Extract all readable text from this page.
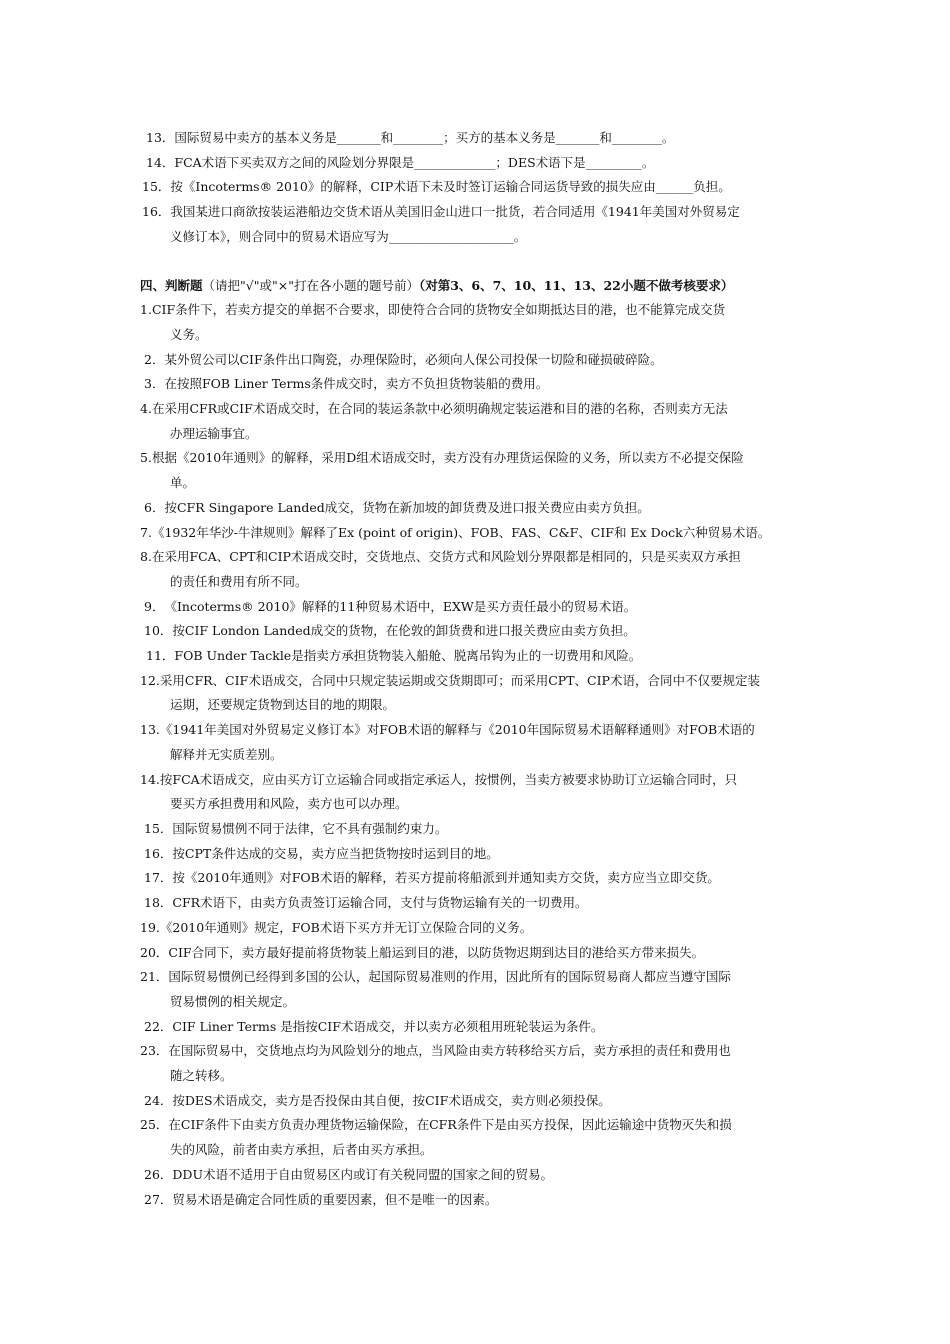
13． 国际贸易中卖方的基本义务是_______和________；买方的基本义务是_______和________。
14． FCA术语下买卖双方之间的风险划分界限是_____________；DES术语下是_________。
15． 按《Incoterms® 2010》的解释，CIP术语下未及时签订运输合同运货导致的损失应由______负担。
16． 我国某进口商欲按装运港船边交货术语从美国旧金山进口一批货，若合同适用《1941年美国对外贸易定
义修订本》，则合同中的贸易术语应写为____________________。
四、判断题（请把"√"或"×"打在各小题的题号前）（对第3、6、7、10、11、13、22小题不做考核要求）
1. CIF条件下，若卖方提交的单据不合要求，即使符合合同的货物安全如期抵达目的港，也不能算完成交货
义务。
2． 某外贸公司以CIF条件出口陶瓷，办理保险时，必须向人保公司投保一切险和碰损破碎险。
3． 在按照FOB Liner Terms条件成交时，卖方不负担货物装船的费用。
4. 在采用CFR或CIF术语成交时，在合同的装运条款中必须明确规定装运港和目的港的名称，否则卖方无法
办理运输事宜。
5. 根据《2010年通则》的解释，采用D组术语成交时，卖方没有办理货运保险的义务，所以卖方不必提交保险
单。
6． 按CFR Singapore Landed成交，货物在新加坡的卸货费及进口报关费应由卖方负担。
7. 《1932年华沙-牛津规则》解释了Ex (point of origin)、FOB、FAS、C&F、CIF和 Ex Dock六种贸易术语。
8. 在采用FCA、CPT和CIP术语成交时，交货地点、交货方式和风险划分界限都是相同的，只是买卖双方承担
的责任和费用有所不同。
9． 《Incoterms® 2010》解释的11种贸易术语中，EXW是买方责任最小的贸易术语。
10． 按CIF London Landed成交的货物，在伦敦的卸货费和进口报关费应由卖方负担。
11． FOB Under Tackle是指卖方承担货物装入船舱、脱离吊钩为止的一切费用和风险。
12. 采用CFR、CIF术语成交，合同中只规定装运期或交货期即可；而采用CPT、CIP术语，合同中不仅要规定装
运期，还要规定货物到达目的地的期限。
13. 《1941年美国对外贸易定义修订本》对FOB术语的解释与《2010年国际贸易术语解释通则》对FOB术语的
解释并无实质差别。
14. 按FCA术语成交，应由买方订立运输合同或指定承运人，按惯例，当卖方被要求协助订立运输合同时，只
要买方承担费用和风险，卖方也可以办理。
15． 国际贸易惯例不同于法律，它不具有强制约束力。
16． 按CPT条件达成的交易，卖方应当把货物按时运到目的地。
17． 按《2010年通则》对FOB术语的解释，若买方提前将船派到并通知卖方交货，卖方应当立即交货。
18． CFR术语下，由卖方负责签订运输合同，支付与货物运输有关的一切费用。
19. 《2010年通则》规定，FOB术语下买方并无订立保险合同的义务。
20． CIF合同下，卖方最好提前将货物装上船运到目的港，以防货物迟期到达目的港给买方带来损失。
21． 国际贸易惯例已经得到多国的公认，起国际贸易准则的作用，因此所有的国际贸易商人都应当遵守国际
贸易惯例的相关规定。
22． CIF Liner Terms 是指按CIF术语成交，并以卖方必须租用班轮装运为条件。
23． 在国际贸易中，交货地点均为风险划分的地点，当风险由卖方转移给买方后，卖方承担的责任和费用也
随之转移。
24． 按DES术语成交，卖方是否投保由其自便，按CIF术语成交，卖方则必须投保。
25． 在CIF条件下由卖方负责办理货物运输保险，在CFR条件下是由买方投保，因此运输途中货物灭失和损
失的风险，前者由卖方承担，后者由买方承担。
26． DDU术语不适用于自由贸易区内或订有关税同盟的国家之间的贸易。
27． 贸易术语是确定合同性质的重要因素，但不是唯一的因素。
